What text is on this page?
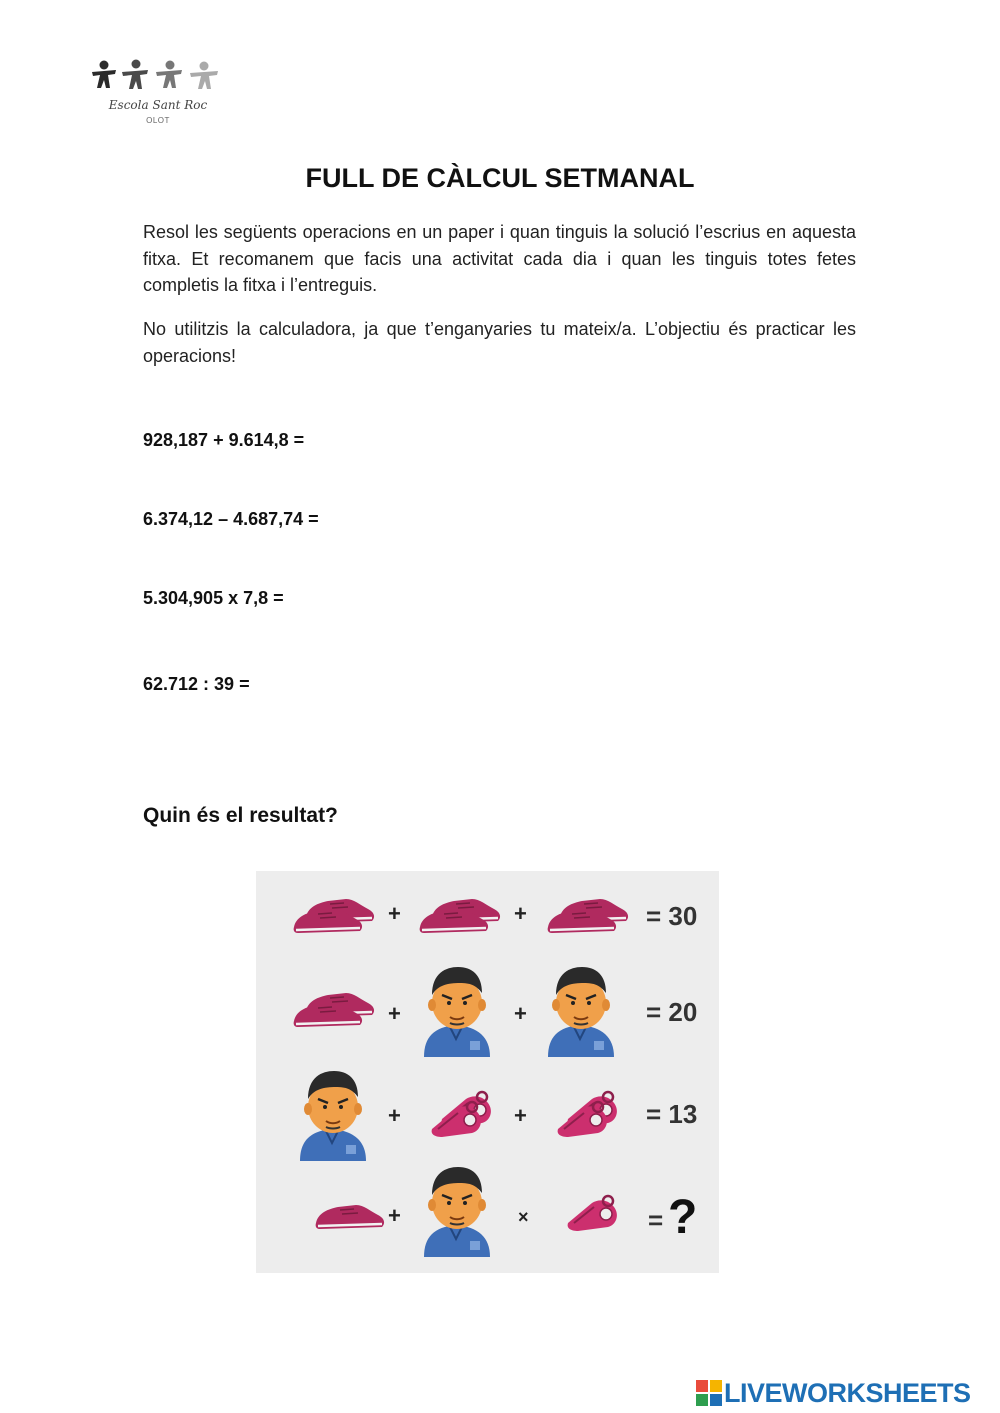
Escola Sant Roc
OLOT
FULL DE CÀLCUL SETMANAL

Resol les següents operacions en un paper i quan tinguis la solució l’escrius en aquesta fitxa. Et recomanem que facis una activitat cada dia i quan les tinguis totes fetes completis la fitxa i l’entreguis.

No utilitzis la calculadora, ja que t’enganyaries tu mateix/a. L’objectiu és practicar les operacions!

928,187 + 9.614,8 =

6.374,12 – 4.687,74 =

5.304,905 x 7,8 =

62.712 : 39 =

Quin és el resultat?
+	+	= 30
+	+	= 20
+	+	= 13
+	×	= ?
LIVEWORKSHEETS
